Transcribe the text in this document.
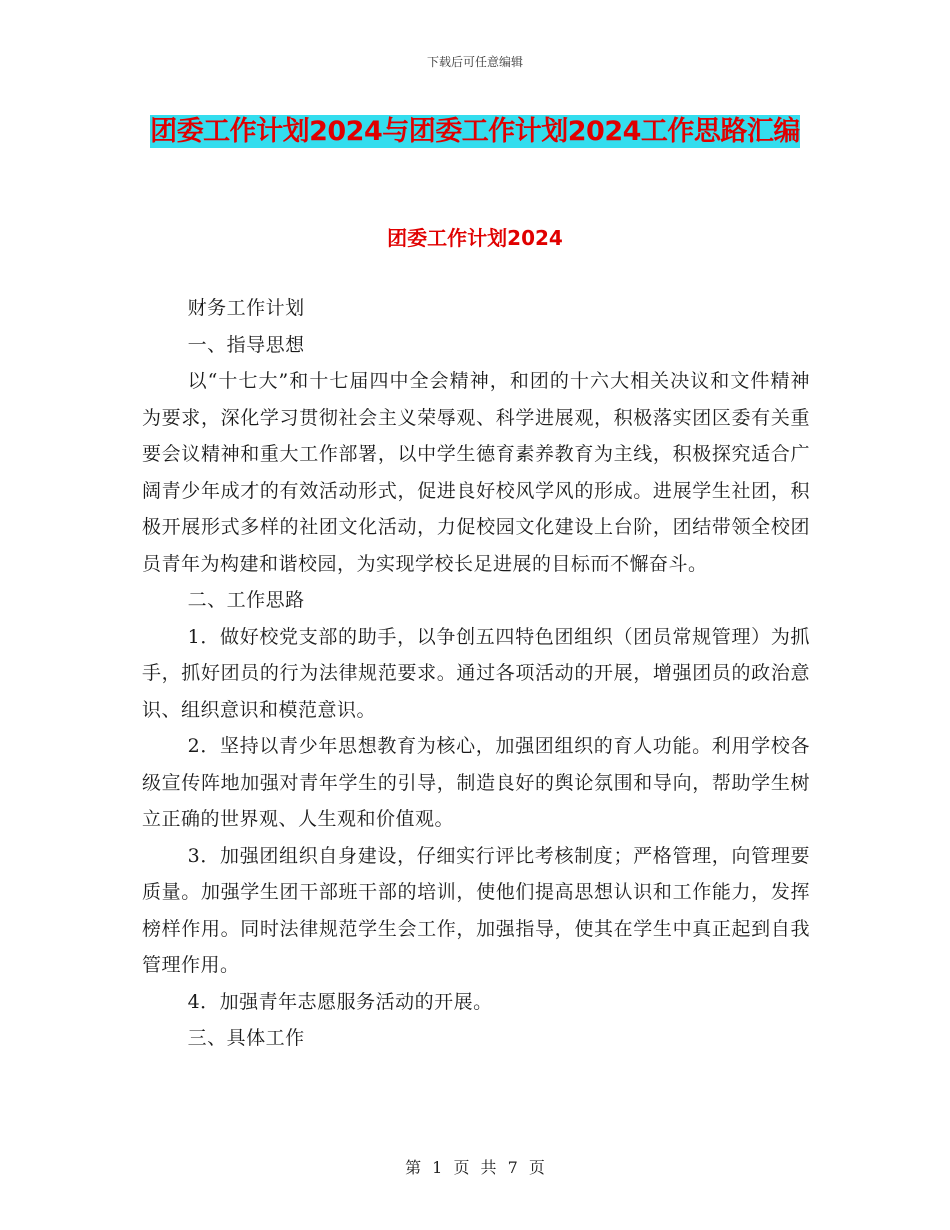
下载后可任意编辑
团委工作计划2024与团委工作计划2024工作思路汇编
团委工作计划2024

财务工作计划

一、指导思想

以“十七大”和十七届四中全会精神，和团的十六大相关决议和文件精神为要求，深化学习贯彻社会主义荣辱观、科学进展观，积极落实团区委有关重要会议精神和重大工作部署，以中学生德育素养教育为主线，积极探究适合广阔青少年成才的有效活动形式，促进良好校风学风的形成。进展学生社团，积极开展形式多样的社团文化活动，力促校园文化建设上台阶，团结带领全校团员青年为构建和谐校园，为实现学校长足进展的目标而不懈奋斗。

二、工作思路

1．做好校党支部的助手，以争创五四特色团组织（团员常规管理）为抓手，抓好团员的行为法律规范要求。通过各项活动的开展，增强团员的政治意识、组织意识和模范意识。

2．坚持以青少年思想教育为核心，加强团组织的育人功能。利用学校各级宣传阵地加强对青年学生的引导，制造良好的舆论氛围和导向，帮助学生树立正确的世界观、人生观和价值观。

3．加强团组织自身建设，仔细实行评比考核制度；严格管理，向管理要质量。加强学生团干部班干部的培训，使他们提高思想认识和工作能力，发挥榜样作用。同时法律规范学生会工作，加强指导，使其在学生中真正起到自我管理作用。

4．加强青年志愿服务活动的开展。

三、具体工作

第 1 页 共 7 页
